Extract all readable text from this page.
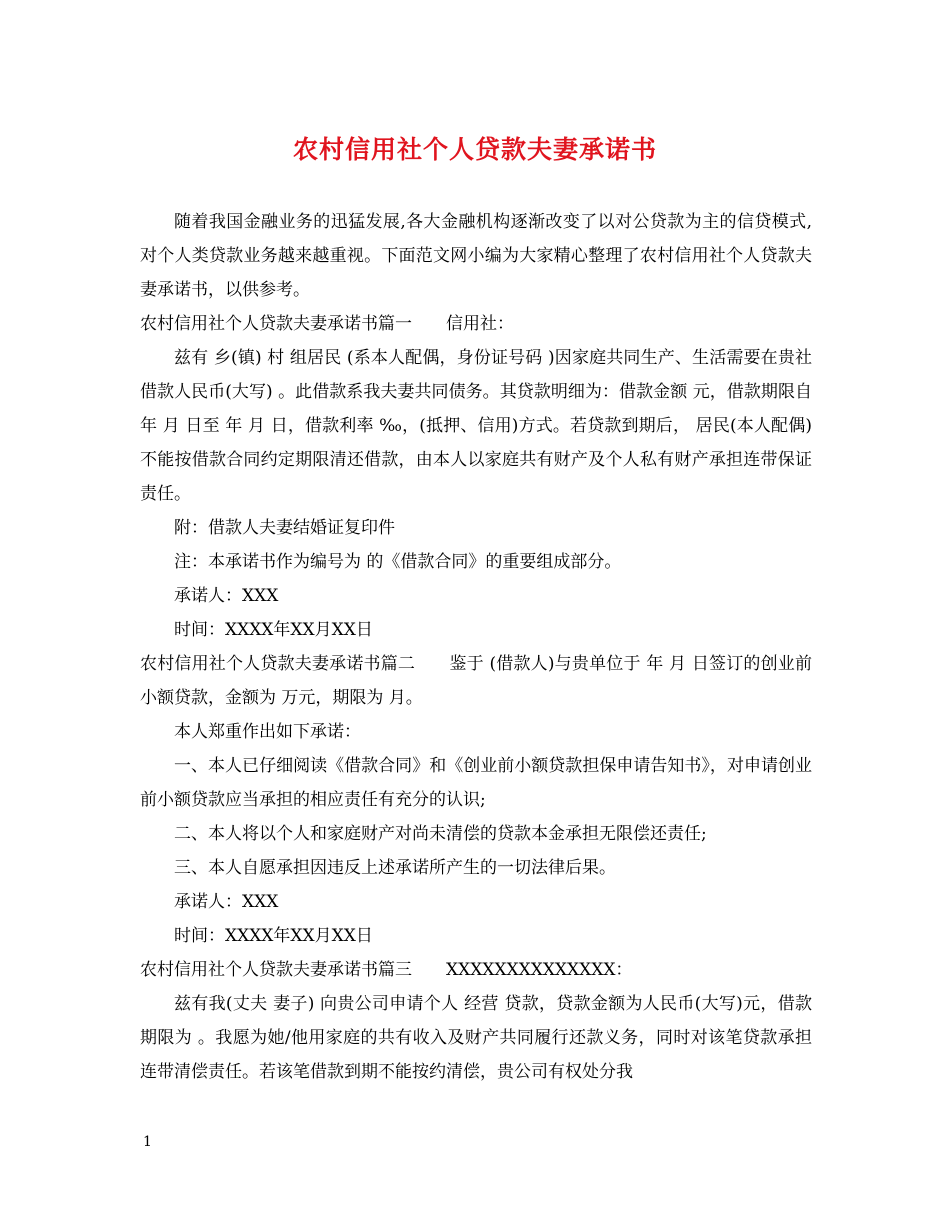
农村信用社个人贷款夫妻承诺书

随着我国金融业务的迅猛发展,各大金融机构逐渐改变了以对公贷款为主的信贷模式,对个人类贷款业务越来越重视。下面范文网小编为大家精心整理了农村信用社个人贷款夫妻承诺书，以供参考。

农村信用社个人贷款夫妻承诺书篇一　　信用社：

兹有 乡(镇) 村 组居民 (系本人配偶，身份证号码 )因家庭共同生产、生活需要在贵社借款人民币(大写) 。此借款系我夫妻共同债务。其贷款明细为：借款金额 元，借款期限自 年 月 日至 年 月 日，借款利率 ‰，(抵押、信用)方式。若贷款到期后， 居民(本人配偶)不能按借款合同约定期限清还借款，由本人以家庭共有财产及个人私有财产承担连带保证责任。

附：借款人夫妻结婚证复印件

注：本承诺书作为编号为 的《借款合同》的重要组成部分。

承诺人：XXX

时间：XXXX年XX月XX日

农村信用社个人贷款夫妻承诺书篇二　　鉴于 (借款人)与贵单位于 年 月 日签订的创业前小额贷款，金额为 万元，期限为 月。

本人郑重作出如下承诺：

一、本人已仔细阅读《借款合同》和《创业前小额贷款担保申请告知书》，对申请创业前小额贷款应当承担的相应责任有充分的认识;

二、本人将以个人和家庭财产对尚未清偿的贷款本金承担无限偿还责任;

三、本人自愿承担因违反上述承诺所产生的一切法律后果。

承诺人：XXX

时间：XXXX年XX月XX日

农村信用社个人贷款夫妻承诺书篇三　　XXXXXXXXXXXXXX：

兹有我(丈夫 妻子) 向贵公司申请个人 经营 贷款，贷款金额为人民币(大写)元，借款期限为 。我愿为她/他用家庭的共有收入及财产共同履行还款义务，同时对该笔贷款承担连带清偿责任。若该笔借款到期不能按约清偿，贵公司有权处分我

1
